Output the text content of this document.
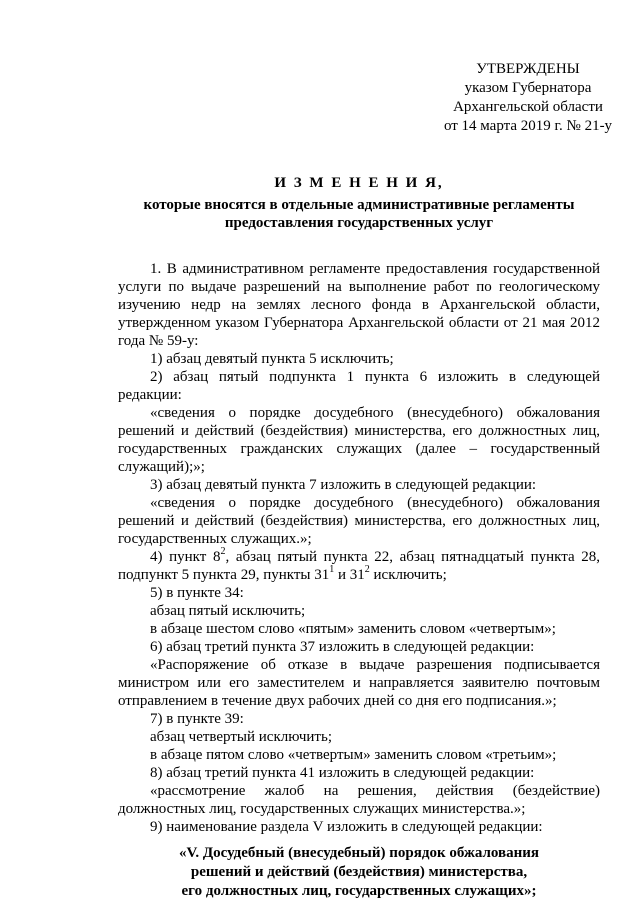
УТВЕРЖДЕНЫ
указом Губернатора
Архангельской области
от 14 марта 2019 г. № 21-у
И З М Е Н Е Н И Я,
которые вносятся в отдельные административные регламенты
предоставления государственных услуг

1. В административном регламенте предоставления государственной услуги по выдаче разрешений на выполнение работ по геологическому изучению недр на землях лесного фонда в Архангельской области, утвержденном указом Губернатора Архангельской области от 21 мая 2012 года № 59-у:

1) абзац девятый пункта 5 исключить;

2) абзац пятый подпункта 1 пункта 6 изложить в следующей редакции:

«сведения о порядке досудебного (внесудебного) обжалования решений и действий (бездействия) министерства, его должностных лиц, государственных гражданских служащих (далее – государственный служащий);»;

3) абзац девятый пункта 7 изложить в следующей редакции:

«сведения о порядке досудебного (внесудебного) обжалования решений и действий (бездействия) министерства, его должностных лиц, государственных служащих.»;

4) пункт $8^2$, абзац пятый пункта 22, абзац пятнадцатый пункта 28, подпункт 5 пункта 29, пункты $31^1$ и $31^2$ исключить;

5) в пункте 34:

абзац пятый исключить;

в абзаце шестом слово «пятым» заменить словом «четвертым»;

6) абзац третий пункта 37 изложить в следующей редакции:

«Распоряжение об отказе в выдаче разрешения подписывается министром или его заместителем и направляется заявителю почтовым отправлением в течение двух рабочих дней со дня его подписания.»;

7) в пункте 39:

абзац четвертый исключить;

в абзаце пятом слово «четвертым» заменить словом «третьим»;

8) абзац третий пункта 41 изложить в следующей редакции:

«рассмотрение жалоб на решения, действия (бездействие) должностных лиц, государственных служащих министерства.»;

9) наименование раздела V изложить в следующей редакции:

«V. Досудебный (внесудебный) порядок обжалования
решений и действий (бездействия) министерства,
его должностных лиц, государственных служащих»;
